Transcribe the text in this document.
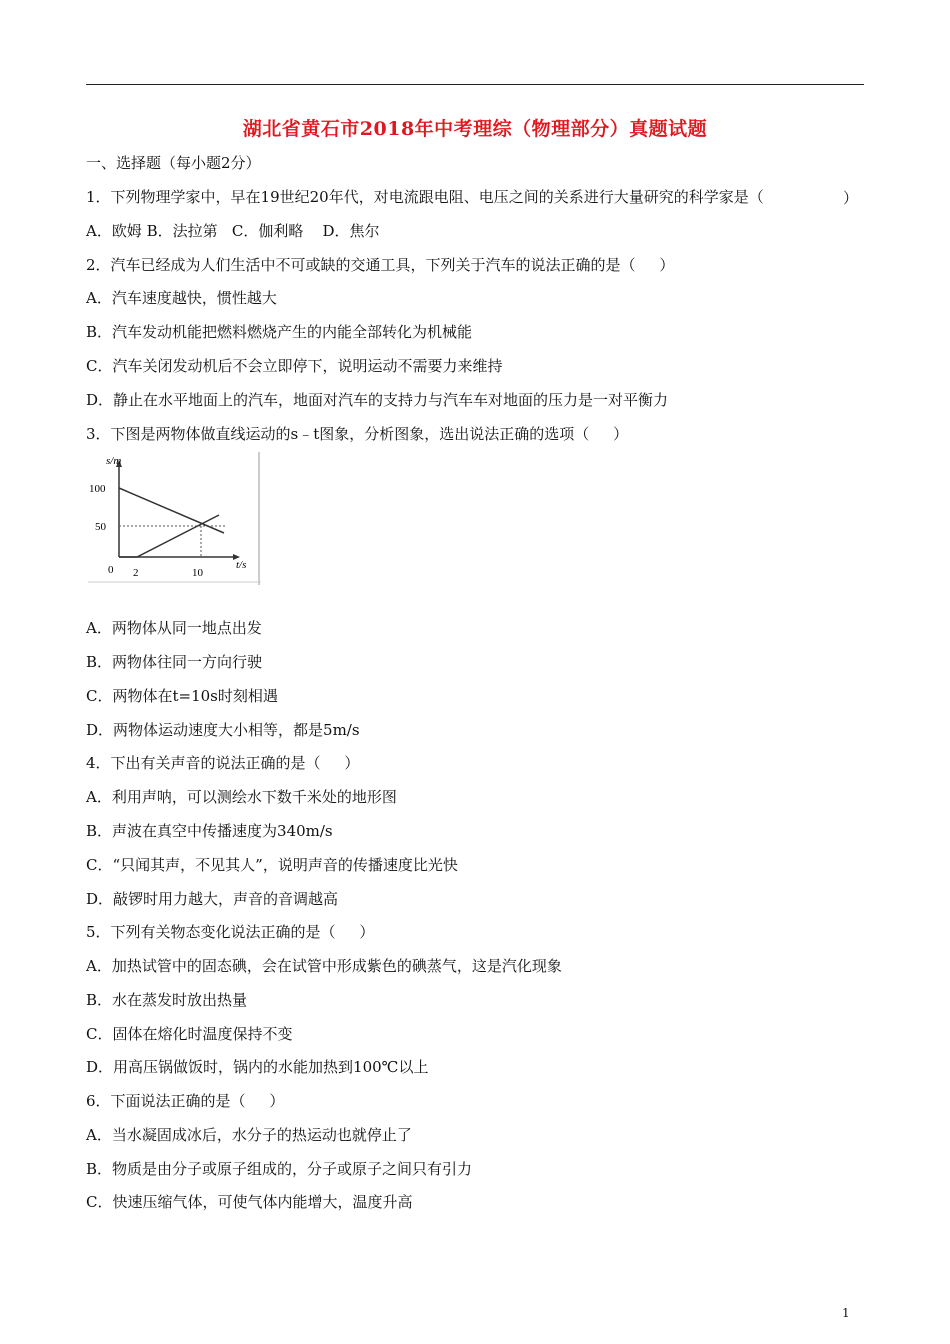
湖北省黄石市2018年中考理综（物理部分）真题试题
一、选择题（每小题2分）
1．下列物理学家中，早在19世纪20年代，对电流跟电阻、电压之间的关系进行大量研究的科学家是（	）
A．欧姆 B．法拉第   C．伽利略    D．焦尔
2．汽车已经成为人们生活中不可或缺的交通工具，下列关于汽车的说法正确的是（     ）
A．汽车速度越快，惯性越大
B．汽车发动机能把燃料燃烧产生的内能全部转化为机械能
C．汽车关闭发动机后不会立即停下，说明运动不需要力来维持
D．静止在水平地面上的汽车，地面对汽车的支持力与汽车车对地面的压力是一对平衡力
3．下图是两物体做直线运动的s﹣t图象，分析图象，选出说法正确的选项（     ）
s/m
100
50
0 2	10
t/s
A．两物体从同一地点出发
B．两物体往同一方向行驶
C．两物体在t=10s时刻相遇
D．两物体运动速度大小相等，都是5m/s
4．下出有关声音的说法正确的是（     ）
A．利用声呐，可以测绘水下数千米处的地形图
B．声波在真空中传播速度为340m/s
C．“只闻其声，不见其人”，说明声音的传播速度比光快
D．敲锣时用力越大，声音的音调越高
5．下列有关物态变化说法正确的是（     ）
A．加热试管中的固态碘，会在试管中形成紫色的碘蒸气，这是汽化现象
B．水在蒸发时放出热量
C．固体在熔化时温度保持不变
D．用高压锅做饭时，锅内的水能加热到100℃以上
6．下面说法正确的是（     ）
A．当水凝固成冰后，水分子的热运动也就停止了
B．物质是由分子或原子组成的，分子或原子之间只有引力
C．快速压缩气体，可使气体内能增大，温度升高
1
